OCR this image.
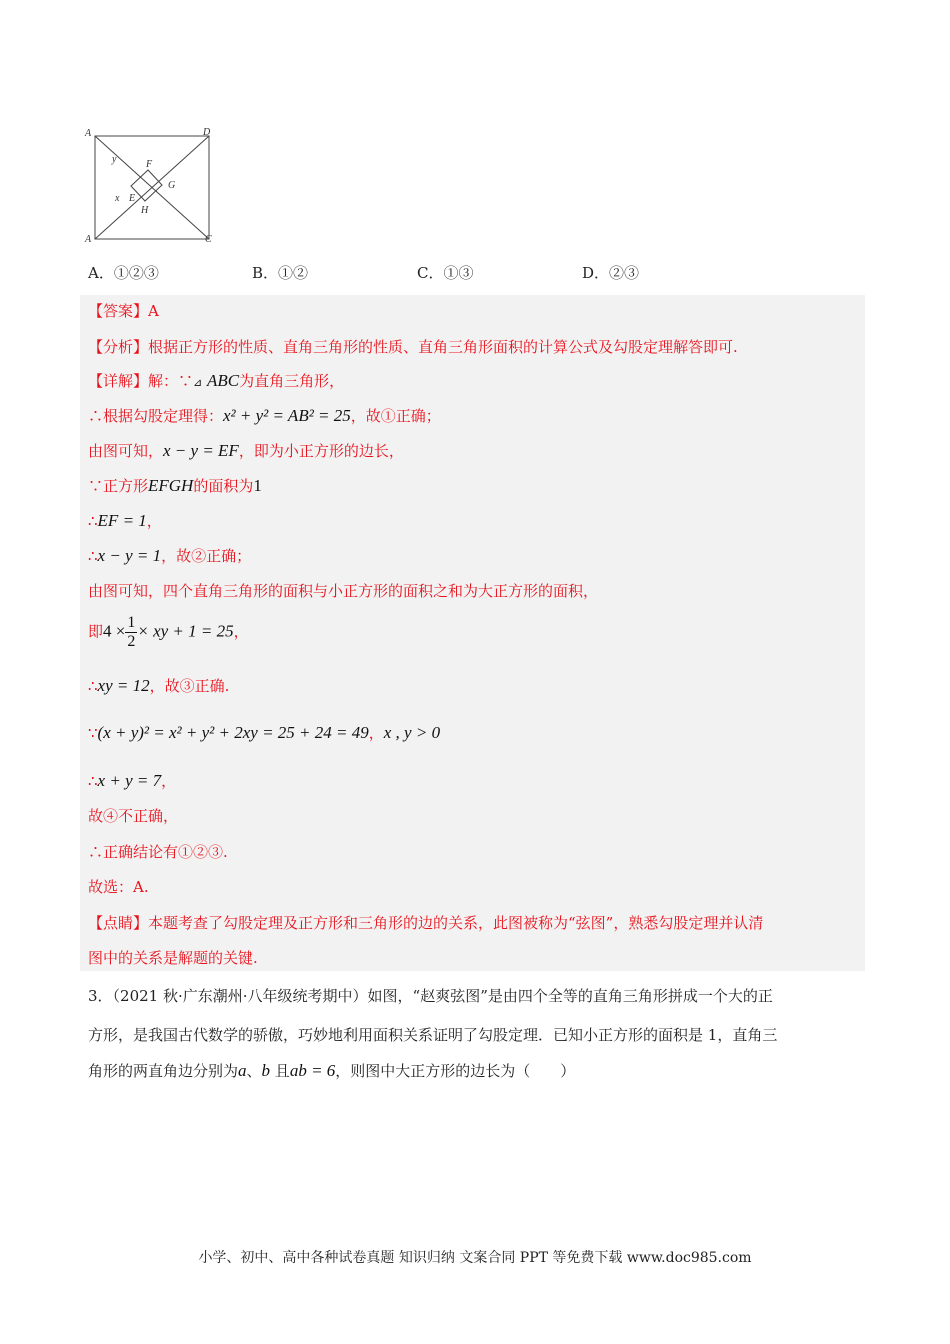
A	D
A	C
y	F
G
x E
H
A．①②③	B．①②	C．①③	D．②③
【答案】A
【分析】根据正方形的性质、直角三角形的性质、直角三角形面积的计算公式及勾股定理解答即可.
【详解】解：∵⊿ ABC为直角三角形，
∴根据勾股定理得：x² + y² = AB² = 25，故①正确；
由图可知，x − y = EF，即为小正方形的边长，
∵正方形EFGH的面积为1
∴EF = 1，
∴x − y = 1，故②正确；
由图可知，四个直角三角形的面积与小正方形的面积之和为大正方形的面积，
即$4 \times \frac{1}{2}$ × xy + 1 = 25，
∴xy = 12，故③正确.
∵(x + y)² = x² + y² + 2xy = 25 + 24 = 49，x , y > 0
∴x + y = 7，
故④不正确，
∴正确结论有①②③.
故选：A.
【点睛】本题考查了勾股定理及正方形和三角形的边的关系，此图被称为“弦图”，熟悉勾股定理并认清
图中的关系是解题的关键.
3．（2021 秋·广东潮州·八年级统考期中）如图，“赵爽弦图”是由四个全等的直角三角形拼成一个大的正
方形，是我国古代数学的骄傲，巧妙地利用面积关系证明了勾股定理．已知小正方形的面积是 1，直角三
角形的两直角边分别为a、b 且ab = 6，则图中大正方形的边长为（　　）
小学、初中、高中各种试卷真题 知识归纳 文案合同 PPT 等免费下载 www.doc985.com
